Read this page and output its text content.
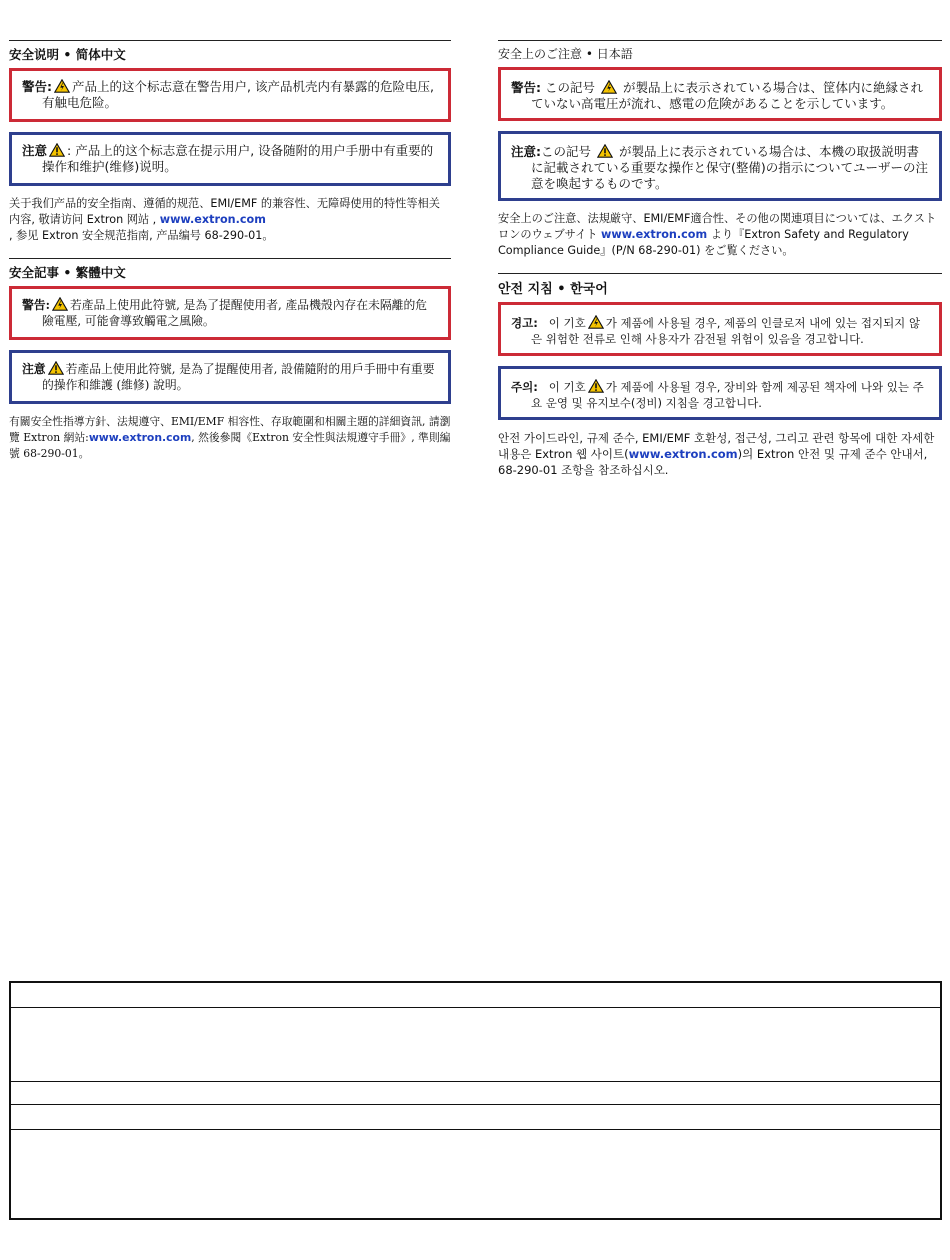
安全说明 • 简体中文
警告: 产品上的这个标志意在警告用户, 该产品机壳内有暴露的危险电压, 有触电危险。
注意 : 产品上的这个标志意在提示用户, 设备随附的用户手册中有重要的操作和维护(维修)说明。
关于我们产品的安全指南、遵循的规范、EMI/EMF 的兼容性、无障碍使用的特性等相关内容, 敬请访问 Extron 网站 , www.extron.com
, 参见 Extron 安全规范指南, 产品编号 68-290-01。
安全記事 • 繁體中文
警告: 若產品上使用此符號, 是為了提醒使用者, 產品機殼內存在未隔離的危險電壓, 可能會導致觸電之風險。
注意 若產品上使用此符號, 是為了提醒使用者, 設備隨附的用戶手冊中有重要的操作和維護 (維修) 說明。
有關安全性指導方針、法規遵守、EMI/EMF 相容性、存取範圍和相關主題的詳細資訊, 請瀏覽 Extron 網站:www.extron.com, 然後參閱《Extron 安全性與法規遵守手冊》, 準則編號 68-290-01。
安全上のご注意 • 日本語
警告: この記号 が製品上に表示されている場合は、筐体内に絶縁されていない高電圧が流れ、感電の危険があることを示しています。
注意:この記号 が製品上に表示されている場合は、本機の取扱説明書に記載されている重要な操作と保守(整備)の指示についてユーザーの注意を喚起するものです。
安全上のご注意、法規厳守、EMI/EMF適合性、その他の関連項目については、エクストロンのウェブサイト www.extron.com より『Extron Safety and Regulatory Compliance Guide』(P/N 68-290-01) をご覧ください。
안전 지침 • 한국어
경고: 이 기호 가 제품에 사용될 경우, 제품의 인클로저 내에 있는 접지되지 않은 위험한 전류로 인해 사용자가 감전될 위험이 있음을 경고합니다.
주의: 이 기호 가 제품에 사용될 경우, 장비와 함께 제공된 책자에 나와 있는 주요 운영 및 유지보수(정비) 지침을 경고합니다.
안전 가이드라인, 규제 준수, EMI/EMF 호환성, 접근성, 그리고 관련 항목에 대한 자세한 내용은 Extron 웹 사이트(www.extron.com)의 Extron 안전 및 규제 준수 안내서, 68-290-01 조항을 참조하십시오.
